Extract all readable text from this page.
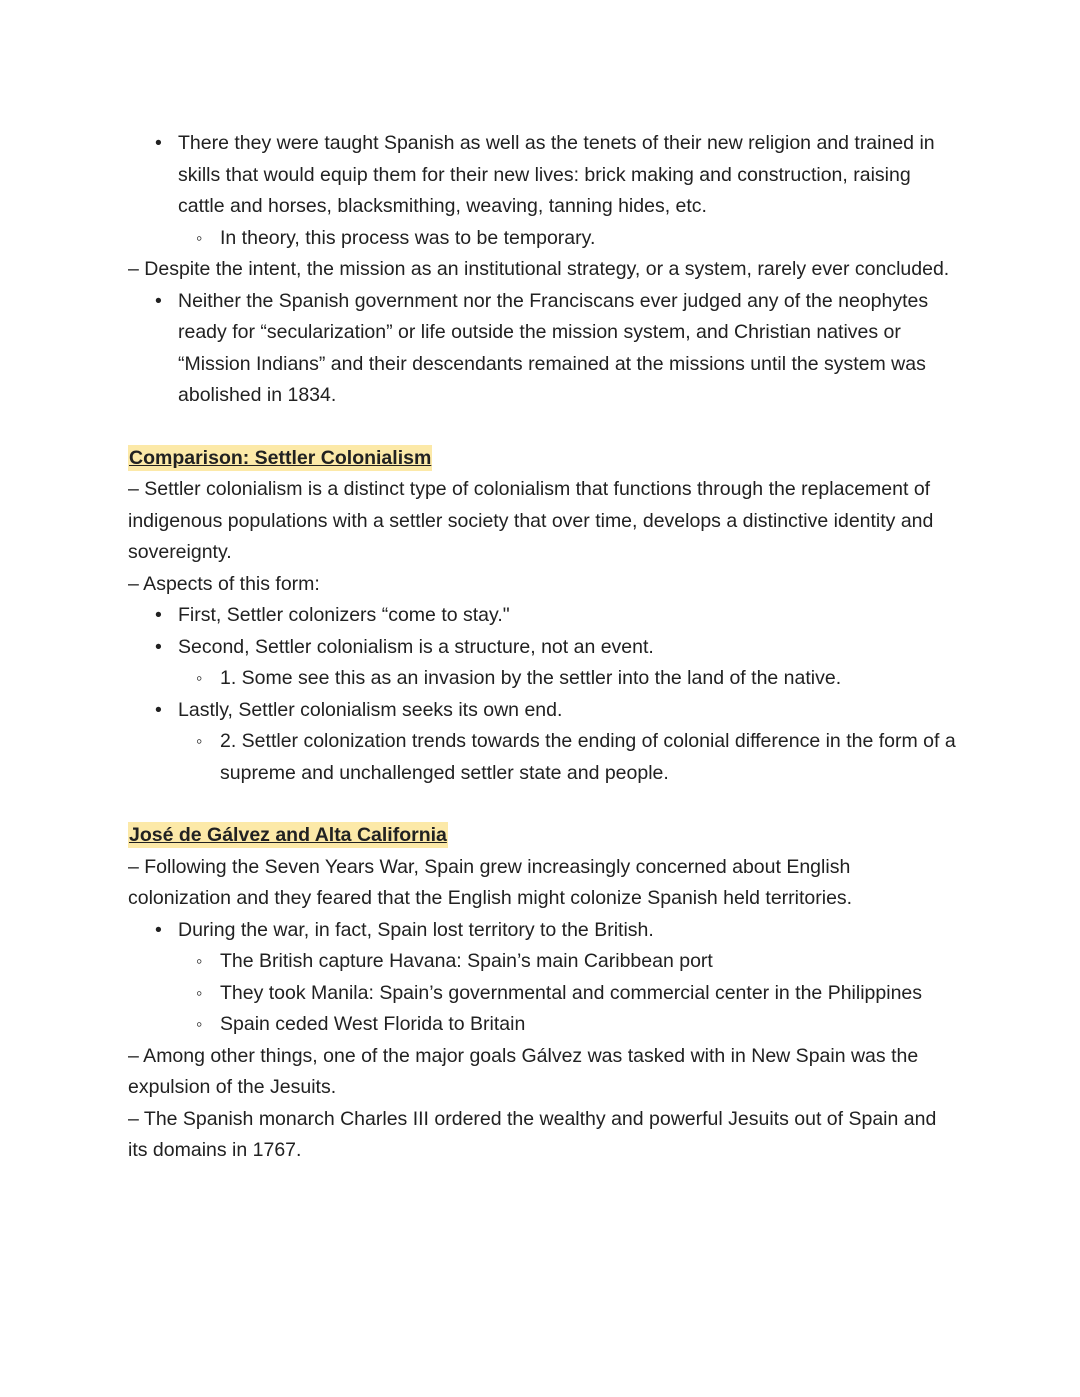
• There they were taught Spanish as well as the tenets of their new religion and trained in skills that would equip them for their new lives: brick making and construction, raising cattle and horses, blacksmithing, weaving, tanning hides, etc.
◦ In theory, this process was to be temporary.

– Despite the intent, the mission as an institutional strategy, or a system, rarely ever concluded.

• Neither the Spanish government nor the Franciscans ever judged any of the neophytes ready for “secularization” or life outside the mission system, and Christian natives or “Mission Indians” and their descendants remained at the missions until the system was abolished in 1834.
Comparison: Settler Colonialism

– Settler colonialism is a distinct type of colonialism that functions through the replacement of indigenous populations with a settler society that over time, develops a distinctive identity and sovereignty.

– Aspects of this form:

• First, Settler colonizers “come to stay."
• Second, Settler colonialism is a structure, not an event.
◦ 1. Some see this as an invasion by the settler into the land of the native.
• Lastly, Settler colonialism seeks its own end.
◦ 2. Settler colonization trends towards the ending of colonial difference in the form of a supreme and unchallenged settler state and people.
José de Gálvez and Alta California

– Following the Seven Years War, Spain grew increasingly concerned about English colonization and they feared that the English might colonize Spanish held territories.

• During the war, in fact, Spain lost territory to the British.
◦ The British capture Havana: Spain’s main Caribbean port
◦ They took Manila: Spain’s governmental and commercial center in the Philippines
◦ Spain ceded West Florida to Britain

– Among other things, one of the major goals Gálvez was tasked with in New Spain was the expulsion of the Jesuits.

– The Spanish monarch Charles III ordered the wealthy and powerful Jesuits out of Spain and its domains in 1767.
